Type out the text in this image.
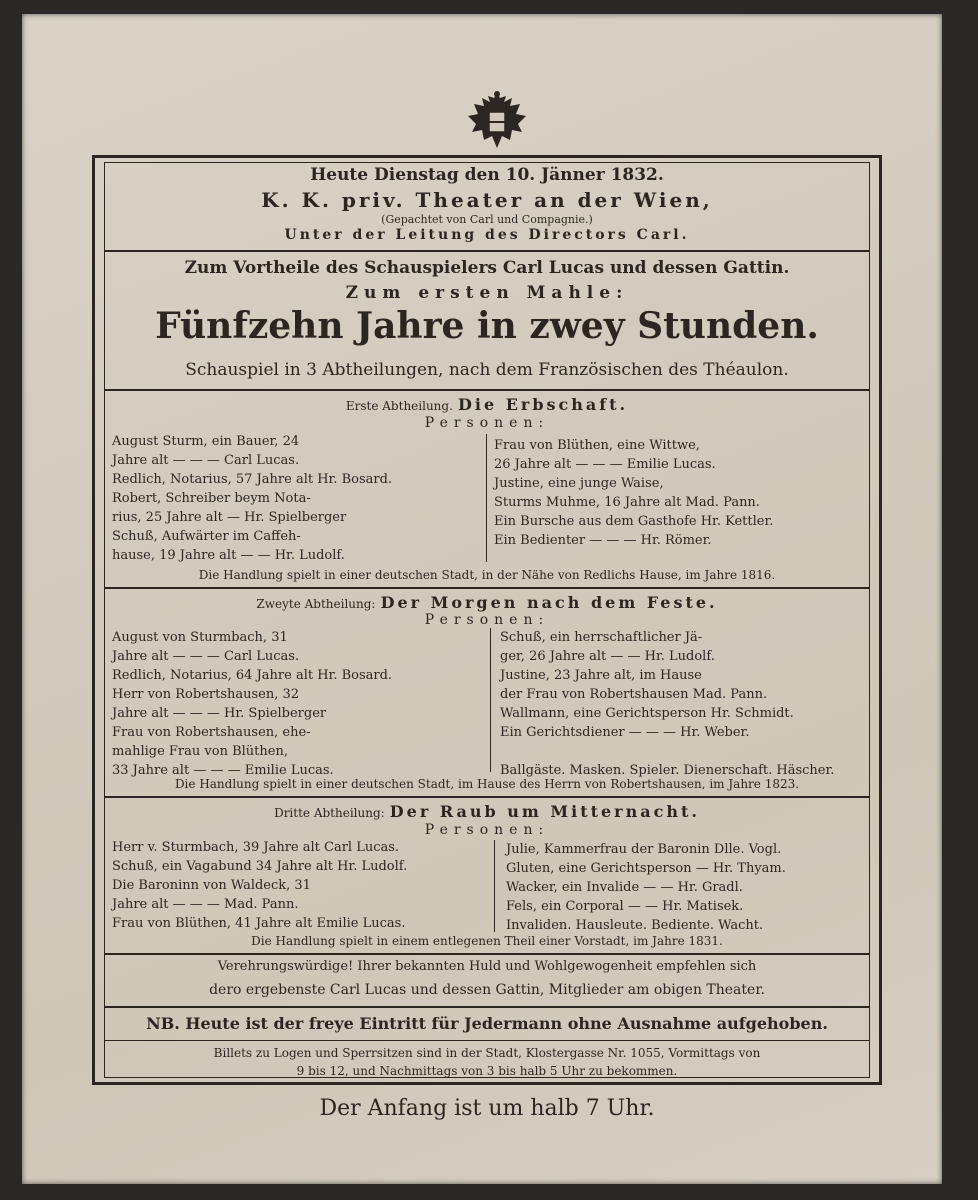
Heute Dienstag den 10. Jänner 1832.
K. K. priv. Theater an der Wien,
(Gepachtet von Carl und Compagnie.)
Unter der Leitung des Directors Carl.
Zum Vortheile des Schauspielers Carl Lucas und dessen Gattin.
Zum ersten Mahle:
Fünfzehn Jahre in zwey Stunden.
Schauspiel in 3 Abtheilungen, nach dem Französischen des Théaulon.
Erste Abtheilung. Die Erbschaft.
Personen:
August Sturm, ein Bauer, 24
Jahre alt — — — Carl Lucas.
Redlich, Notarius, 57 Jahre alt Hr. Bosard.
Robert, Schreiber beym Nota-
rius, 25 Jahre alt — Hr. Spielberger
Schuß, Aufwärter im Caffeh-
hause, 19 Jahre alt — — Hr. Ludolf.
Frau von Blüthen, eine Wittwe,
26 Jahre alt — — — Emilie Lucas.
Justine, eine junge Waise,
Sturms Muhme, 16 Jahre alt Mad. Pann.
Ein Bursche aus dem Gasthofe Hr. Kettler.
Ein Bedienter — — — Hr. Römer.
Die Handlung spielt in einer deutschen Stadt, in der Nähe von Redlichs Hause, im Jahre 1816.
Zweyte Abtheilung: Der Morgen nach dem Feste.
Personen:
August von Sturmbach, 31
Jahre alt — — — Carl Lucas.
Redlich, Notarius, 64 Jahre alt Hr. Bosard.
Herr von Robertshausen, 32
Jahre alt — — — Hr. Spielberger
Frau von Robertshausen, ehe-
mahlige Frau von Blüthen,
33 Jahre alt — — — Emilie Lucas.
Schuß, ein herrschaftlicher Jä-
ger, 26 Jahre alt — — Hr. Ludolf.
Justine, 23 Jahre alt, im Hause
der Frau von Robertshausen Mad. Pann.
Wallmann, eine Gerichtsperson Hr. Schmidt.
Ein Gerichtsdiener — — — Hr. Weber.
Ballgäste. Masken. Spieler. Dienerschaft. Häscher.
Die Handlung spielt in einer deutschen Stadt, im Hause des Herrn von Robertshausen, im Jahre 1823.
Dritte Abtheilung: Der Raub um Mitternacht.
Personen:
Herr v. Sturmbach, 39 Jahre alt Carl Lucas.
Schuß, ein Vagabund 34 Jahre alt Hr. Ludolf.
Die Baroninn von Waldeck, 31
Jahre alt — — — Mad. Pann.
Frau von Blüthen, 41 Jahre alt Emilie Lucas.
Julie, Kammerfrau der Baronin Dlle. Vogl.
Gluten, eine Gerichtsperson — Hr. Thyam.
Wacker, ein Invalide — — Hr. Gradl.
Fels, ein Corporal — — Hr. Matisek.
Invaliden. Hausleute. Bediente. Wacht.
Die Handlung spielt in einem entlegenen Theil einer Vorstadt, im Jahre 1831.
Verehrungswürdige! Ihrer bekannten Huld und Wohlgewogenheit empfehlen sich
dero ergebenste Carl Lucas und dessen Gattin, Mitglieder am obigen Theater.
NB. Heute ist der freye Eintritt für Jedermann ohne Ausnahme aufgehoben.
Billets zu Logen und Sperrsitzen sind in der Stadt, Klostergasse Nr. 1055, Vormittags von
9 bis 12, und Nachmittags von 3 bis halb 5 Uhr zu bekommen.
Der Anfang ist um halb 7 Uhr.
